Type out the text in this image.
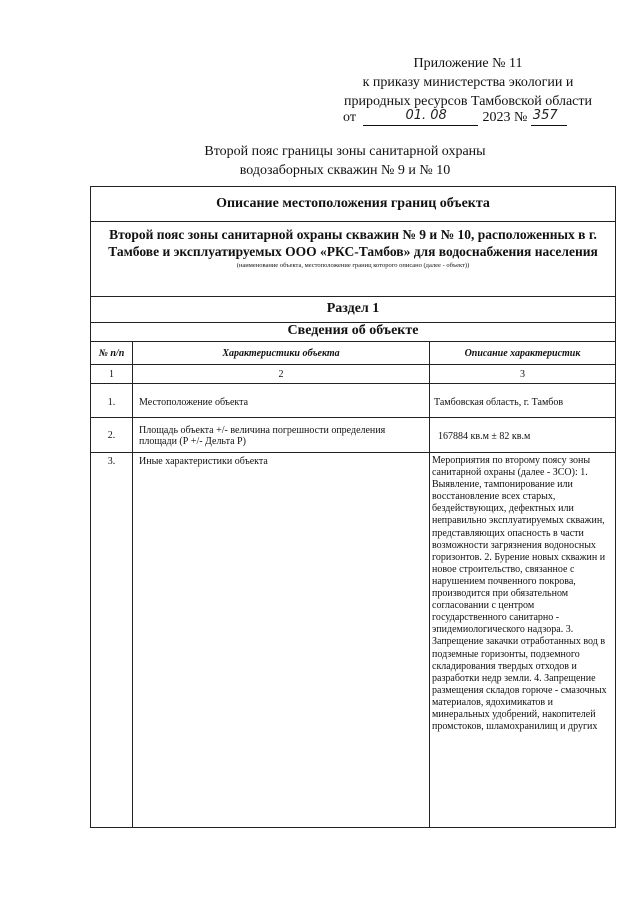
Приложение № 11
к приказу министерства экологии и
природных ресурсов Тамбовской области
от	01. 08	2023 № 357
Второй пояс границы зоны санитарной охраны
водозаборных скважин № 9 и № 10
Описание местоположения границ объекта
Второй пояс зоны санитарной охраны скважин № 9 и № 10, расположенных в г. Тамбове и эксплуатируемых ООО «РКС-Тамбов» для водоснабжения населения
(наименование объекта, местоположение границ которого описано (далее - объект))
Раздел 1
Сведения об объекте
№ п/п	Характеристики объекта	Описание характеристик
1	2	3
1.	Местоположение объекта	Тамбовская область, г. Тамбов
2.	Площадь объекта +/- величина погрешности определения площади (Р +/- Дельта Р)	167884 кв.м ± 82 кв.м
3.	Иные характеристики объекта	Мероприятия по второму поясу зоны санитарной охраны (далее - ЗСО): 1. Выявление, тампонирование или восстановление всех старых, бездействующих, дефектных или неправильно эксплуатируемых скважин, представляющих опасность в части возможности загрязнения водоносных горизонтов. 2. Бурение новых скважин и новое строительство, связанное с нарушением почвенного покрова, производится при обязательном согласовании с центром государственного санитарно - эпидемиологического надзора. 3. Запрещение закачки отработанных вод в подземные горизонты, подземного складирования твердых отходов и разработки недр земли. 4. Запрещение размещения складов горюче - смазочных материалов, ядохимикатов и минеральных удобрений, накопителей промстоков, шламохранилищ и других
